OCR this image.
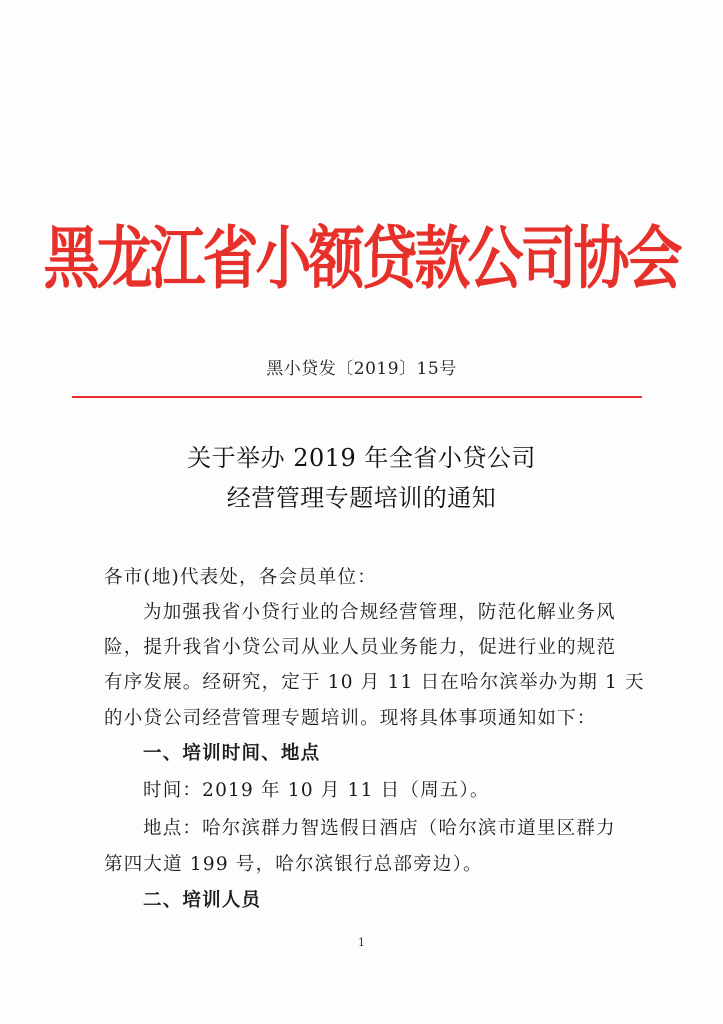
黑龙江省小额贷款公司协会
黑小贷发〔2019〕15号
关于举办 2019 年全省小贷公司
经营管理专题培训的通知
各市(地)代表处，各会员单位：
为加强我省小贷行业的合规经营管理，防范化解业务风
险，提升我省小贷公司从业人员业务能力，促进行业的规范
有序发展。经研究，定于 10 月 11 日在哈尔滨举办为期 1 天
的小贷公司经营管理专题培训。现将具体事项通知如下：
一、培训时间、地点
时间：2019 年 10 月 11 日（周五）。
地点：哈尔滨群力智选假日酒店（哈尔滨市道里区群力
第四大道 199 号，哈尔滨银行总部旁边）。
二、培训人员
1
